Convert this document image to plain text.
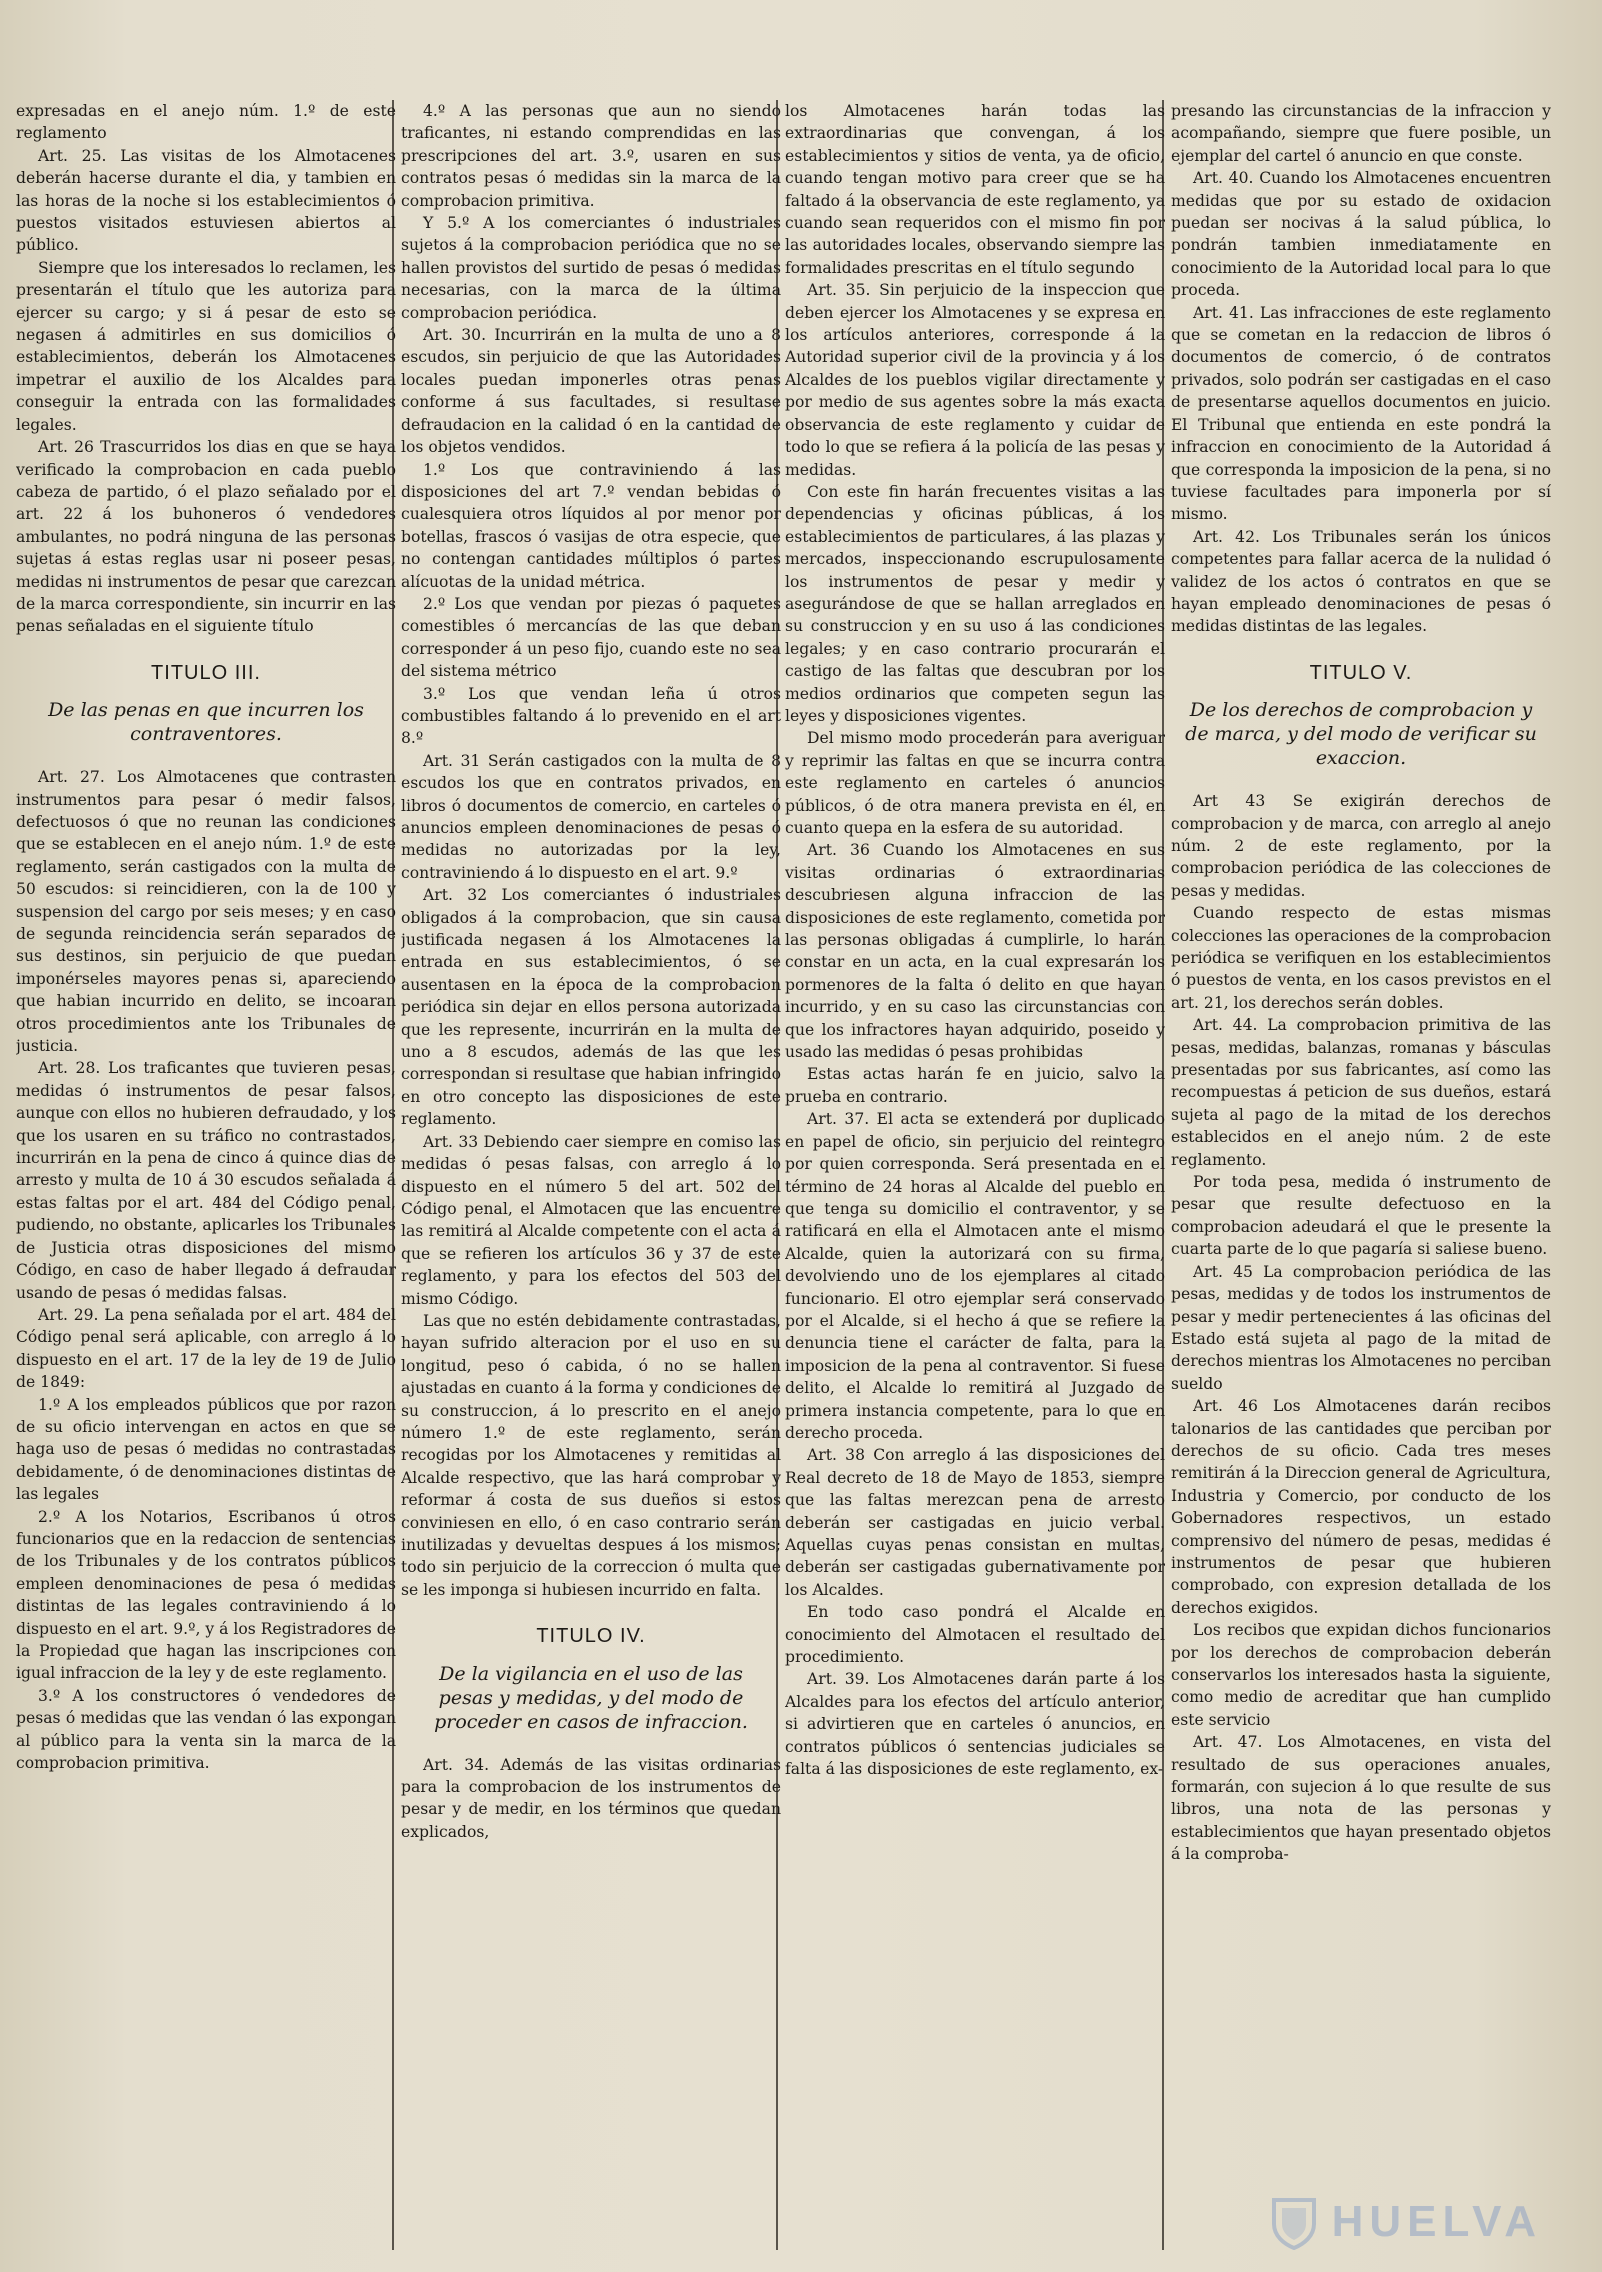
expresadas en el anejo núm. 1.º de este reglamento

Art. 25. Las visitas de los Almotacenes deberán hacerse durante el dia, y tambien en las horas de la noche si los establecimientos ó puestos visitados estuviesen abiertos al público.

Siempre que los interesados lo reclamen, les presentarán el título que les autoriza para ejercer su cargo; y si á pesar de esto se negasen á admitirles en sus domicilios ó establecimientos, deberán los Almotacenes impetrar el auxilio de los Alcaldes para conseguir la entrada con las formalidades legales.

Art. 26 Trascurridos los dias en que se haya verificado la comprobacion en cada pueblo cabeza de partido, ó el plazo señalado por el art. 22 á los buhoneros ó vendedores ambulantes, no podrá ninguna de las personas sujetas á estas reglas usar ni poseer pesas, medidas ni instrumentos de pesar que carezcan de la marca correspondiente, sin incurrir en las penas señaladas en el siguiente título

TITULO III.
De las penas en que incurren los contraventores.

Art. 27. Los Almotacenes que contrasten instrumentos para pesar ó medir falsos, defectuosos ó que no reunan las condiciones que se establecen en el anejo núm. 1.º de este reglamento, serán castigados con la multa de 50 escudos: si reincidieren, con la de 100 y suspension del cargo por seis meses; y en caso de segunda reincidencia serán separados de sus destinos, sin perjuicio de que puedan imponérseles mayores penas si, apareciendo que habian incurrido en delito, se incoaran otros procedimientos ante los Tribunales de justicia.

Art. 28. Los traficantes que tuvieren pesas, medidas ó instrumentos de pesar falsos, aunque con ellos no hubieren defraudado, y los que los usaren en su tráfico no contrastados, incurrirán en la pena de cinco á quince dias de arresto y multa de 10 á 30 escudos señalada á estas faltas por el art. 484 del Código penal, pudiendo, no obstante, aplicarles los Tribunales de Justicia otras disposiciones del mismo Código, en caso de haber llegado á defraudar usando de pesas ó medidas falsas.

Art. 29. La pena señalada por el art. 484 del Código penal será aplicable, con arreglo á lo dispuesto en el art. 17 de la ley de 19 de Julio de 1849:

1.º A los empleados públicos que por razon de su oficio intervengan en actos en que se haga uso de pesas ó medidas no contrastadas debidamente, ó de denominaciones distintas de las legales

2.º A los Notarios, Escribanos ú otros funcionarios que en la redaccion de sentencias de los Tribunales y de los contratos públicos empleen denominaciones de pesa ó medidas distintas de las legales contraviniendo á lo dispuesto en el art. 9.º, y á los Registradores de la Propiedad que hagan las inscripciones con igual infraccion de la ley y de este reglamento.

3.º A los constructores ó vendedores de pesas ó medidas que las vendan ó las expongan al público para la venta sin la marca de la comprobacion primitiva.

4.º A las personas que aun no siendo traficantes, ni estando comprendidas en las prescripciones del art. 3.º, usaren en sus contratos pesas ó medidas sin la marca de la comprobacion primitiva.

Y 5.º A los comerciantes ó industriales sujetos á la comprobacion periódica que no se hallen provistos del surtido de pesas ó medidas necesarias, con la marca de la última comprobacion periódica.

Art. 30. Incurrirán en la multa de uno a 8 escudos, sin perjuicio de que las Autoridades locales puedan imponerles otras penas conforme á sus facultades, si resultase defraudacion en la calidad ó en la cantidad de los objetos vendidos.

1.º Los que contraviniendo á las disposiciones del art 7.º vendan bebidas ó cualesquiera otros líquidos al por menor por botellas, frascos ó vasijas de otra especie, que no contengan cantidades múltiplos ó partes alícuotas de la unidad métrica.

2.º Los que vendan por piezas ó paquetes comestibles ó mercancías de las que deban corresponder á un peso fijo, cuando este no sea del sistema métrico

3.º Los que vendan leña ú otros combustibles faltando á lo prevenido en el art 8.º

Art. 31 Serán castigados con la multa de 8 escudos los que en contratos privados, en libros ó documentos de comercio, en carteles ó anuncios empleen denominaciones de pesas ó medidas no autorizadas por la ley, contraviniendo á lo dispuesto en el art. 9.º

Art. 32 Los comerciantes ó industriales obligados á la comprobacion, que sin causa justificada negasen á los Almotacenes la entrada en sus establecimientos, ó se ausentasen en la época de la comprobacion periódica sin dejar en ellos persona autorizada que les represente, incurrirán en la multa de uno a 8 escudos, además de las que les correspondan si resultase que habian infringido en otro concepto las disposiciones de este reglamento.

Art. 33 Debiendo caer siempre en comiso las medidas ó pesas falsas, con arreglo á lo dispuesto en el número 5 del art. 502 del Código penal, el Almotacen que las encuentre las remitirá al Alcalde competente con el acta á que se refieren los artículos 36 y 37 de este reglamento, y para los efectos del 503 del mismo Código.

Las que no estén debidamente contrastadas, hayan sufrido alteracion por el uso en su longitud, peso ó cabida, ó no se hallen ajustadas en cuanto á la forma y condiciones de su construccion, á lo prescrito en el anejo número 1.º de este reglamento, serán recogidas por los Almotacenes y remitidas al Alcalde respectivo, que las hará comprobar y reformar á costa de sus dueños si estos conviniesen en ello, ó en caso contrario serán inutilizadas y devueltas despues á los mismos; todo sin perjuicio de la correccion ó multa que se les imponga si hubiesen incurrido en falta.

TITULO IV.
De la vigilancia en el uso de las pesas y medidas, y del modo de proceder en casos de infraccion.

Art. 34. Además de las visitas ordinarias para la comprobacion de los instrumentos de pesar y de medir, en los términos que quedan explicados,

los Almotacenes harán todas las extraordinarias que convengan, á los establecimientos y sitios de venta, ya de oficio, cuando tengan motivo para creer que se ha faltado á la observancia de este reglamento, ya cuando sean requeridos con el mismo fin por las autoridades locales, observando siempre las formalidades prescritas en el título segundo

Art. 35. Sin perjuicio de la inspeccion que deben ejercer los Almotacenes y se expresa en los artículos anteriores, corresponde á la Autoridad superior civil de la provincia y á los Alcaldes de los pueblos vigilar directamente y por medio de sus agentes sobre la más exacta observancia de este reglamento y cuidar de todo lo que se refiera á la policía de las pesas y medidas.

Con este fin harán frecuentes visitas a las dependencias y oficinas públicas, á los establecimientos de particulares, á las plazas y mercados, inspeccionando escrupulosamente los instrumentos de pesar y medir y asegurándose de que se hallan arreglados en su construccion y en su uso á las condiciones legales; y en caso contrario procurarán el castigo de las faltas que descubran por los medios ordinarios que competen segun las leyes y disposiciones vigentes.

Del mismo modo procederán para averiguar y reprimir las faltas en que se incurra contra este reglamento en carteles ó anuncios públicos, ó de otra manera prevista en él, en cuanto quepa en la esfera de su autoridad.

Art. 36 Cuando los Almotacenes en sus visitas ordinarias ó extraordinarias descubriesen alguna infraccion de las disposiciones de este reglamento, cometida por las personas obligadas á cumplirle, lo harán constar en un acta, en la cual expresarán los pormenores de la falta ó delito en que hayan incurrido, y en su caso las circunstancias con que los infractores hayan adquirido, poseido y usado las medidas ó pesas prohibidas

Estas actas harán fe en juicio, salvo la prueba en contrario.

Art. 37. El acta se extenderá por duplicado en papel de oficio, sin perjuicio del reintegro por quien corresponda. Será presentada en el término de 24 horas al Alcalde del pueblo en que tenga su domicilio el contraventor, y se ratificará en ella el Almotacen ante el mismo Alcalde, quien la autorizará con su firma, devolviendo uno de los ejemplares al citado funcionario. El otro ejemplar será conservado por el Alcalde, si el hecho á que se refiere la denuncia tiene el carácter de falta, para la imposicion de la pena al contraventor. Si fuese delito, el Alcalde lo remitirá al Juzgado de primera instancia competente, para lo que en derecho proceda.

Art. 38 Con arreglo á las disposiciones del Real decreto de 18 de Mayo de 1853, siempre que las faltas merezcan pena de arresto deberán ser castigadas en juicio verbal. Aquellas cuyas penas consistan en multas, deberán ser castigadas gubernativamente por los Alcaldes.

En todo caso pondrá el Alcalde en conocimiento del Almotacen el resultado del procedimiento.

Art. 39. Los Almotacenes darán parte á los Alcaldes para los efectos del artículo anterior, si advirtieren que en carteles ó anuncios, en contratos públicos ó sentencias judiciales se falta á las disposiciones de este reglamento, ex-

presando las circunstancias de la infraccion y acompañando, siempre que fuere posible, un ejemplar del cartel ó anuncio en que conste.

Art. 40. Cuando los Almotacenes encuentren medidas que por su estado de oxidacion puedan ser nocivas á la salud pública, lo pondrán tambien inmediatamente en conocimiento de la Autoridad local para lo que proceda.

Art. 41. Las infracciones de este reglamento que se cometan en la redaccion de libros ó documentos de comercio, ó de contratos privados, solo podrán ser castigadas en el caso de presentarse aquellos documentos en juicio. El Tribunal que entienda en este pondrá la infraccion en conocimiento de la Autoridad á que corresponda la imposicion de la pena, si no tuviese facultades para imponerla por sí mismo.

Art. 42. Los Tribunales serán los únicos competentes para fallar acerca de la nulidad ó validez de los actos ó contratos en que se hayan empleado denominaciones de pesas ó medidas distintas de las legales.

TITULO V.
De los derechos de comprobacion y de marca, y del modo de verificar su exaccion.

Art 43 Se exigirán derechos de comprobacion y de marca, con arreglo al anejo núm. 2 de este reglamento, por la comprobacion periódica de las colecciones de pesas y medidas.

Cuando respecto de estas mismas colecciones las operaciones de la comprobacion periódica se verifiquen en los establecimientos ó puestos de venta, en los casos previstos en el art. 21, los derechos serán dobles.

Art. 44. La comprobacion primitiva de las pesas, medidas, balanzas, romanas y básculas presentadas por sus fabricantes, así como las recompuestas á peticion de sus dueños, estará sujeta al pago de la mitad de los derechos establecidos en el anejo núm. 2 de este reglamento.

Por toda pesa, medida ó instrumento de pesar que resulte defectuoso en la comprobacion adeudará el que le presente la cuarta parte de lo que pagaría si saliese bueno.

Art. 45 La comprobacion periódica de las pesas, medidas y de todos los instrumentos de pesar y medir pertenecientes á las oficinas del Estado está sujeta al pago de la mitad de derechos mientras los Almotacenes no perciban sueldo

Art. 46 Los Almotacenes darán recibos talonarios de las cantidades que perciban por derechos de su oficio. Cada tres meses remitirán á la Direccion general de Agricultura, Industria y Comercio, por conducto de los Gobernadores respectivos, un estado comprensivo del número de pesas, medidas é instrumentos de pesar que hubieren comprobado, con expresion detallada de los derechos exigidos.

Los recibos que expidan dichos funcionarios por los derechos de comprobacion deberán conservarlos los interesados hasta la siguiente, como medio de acreditar que han cumplido este servicio

Art. 47. Los Almotacenes, en vista del resultado de sus operaciones anuales, formarán, con sujecion á lo que resulte de sus libros, una nota de las personas y establecimientos que hayan presentado objetos á la comproba-

HUELVA
